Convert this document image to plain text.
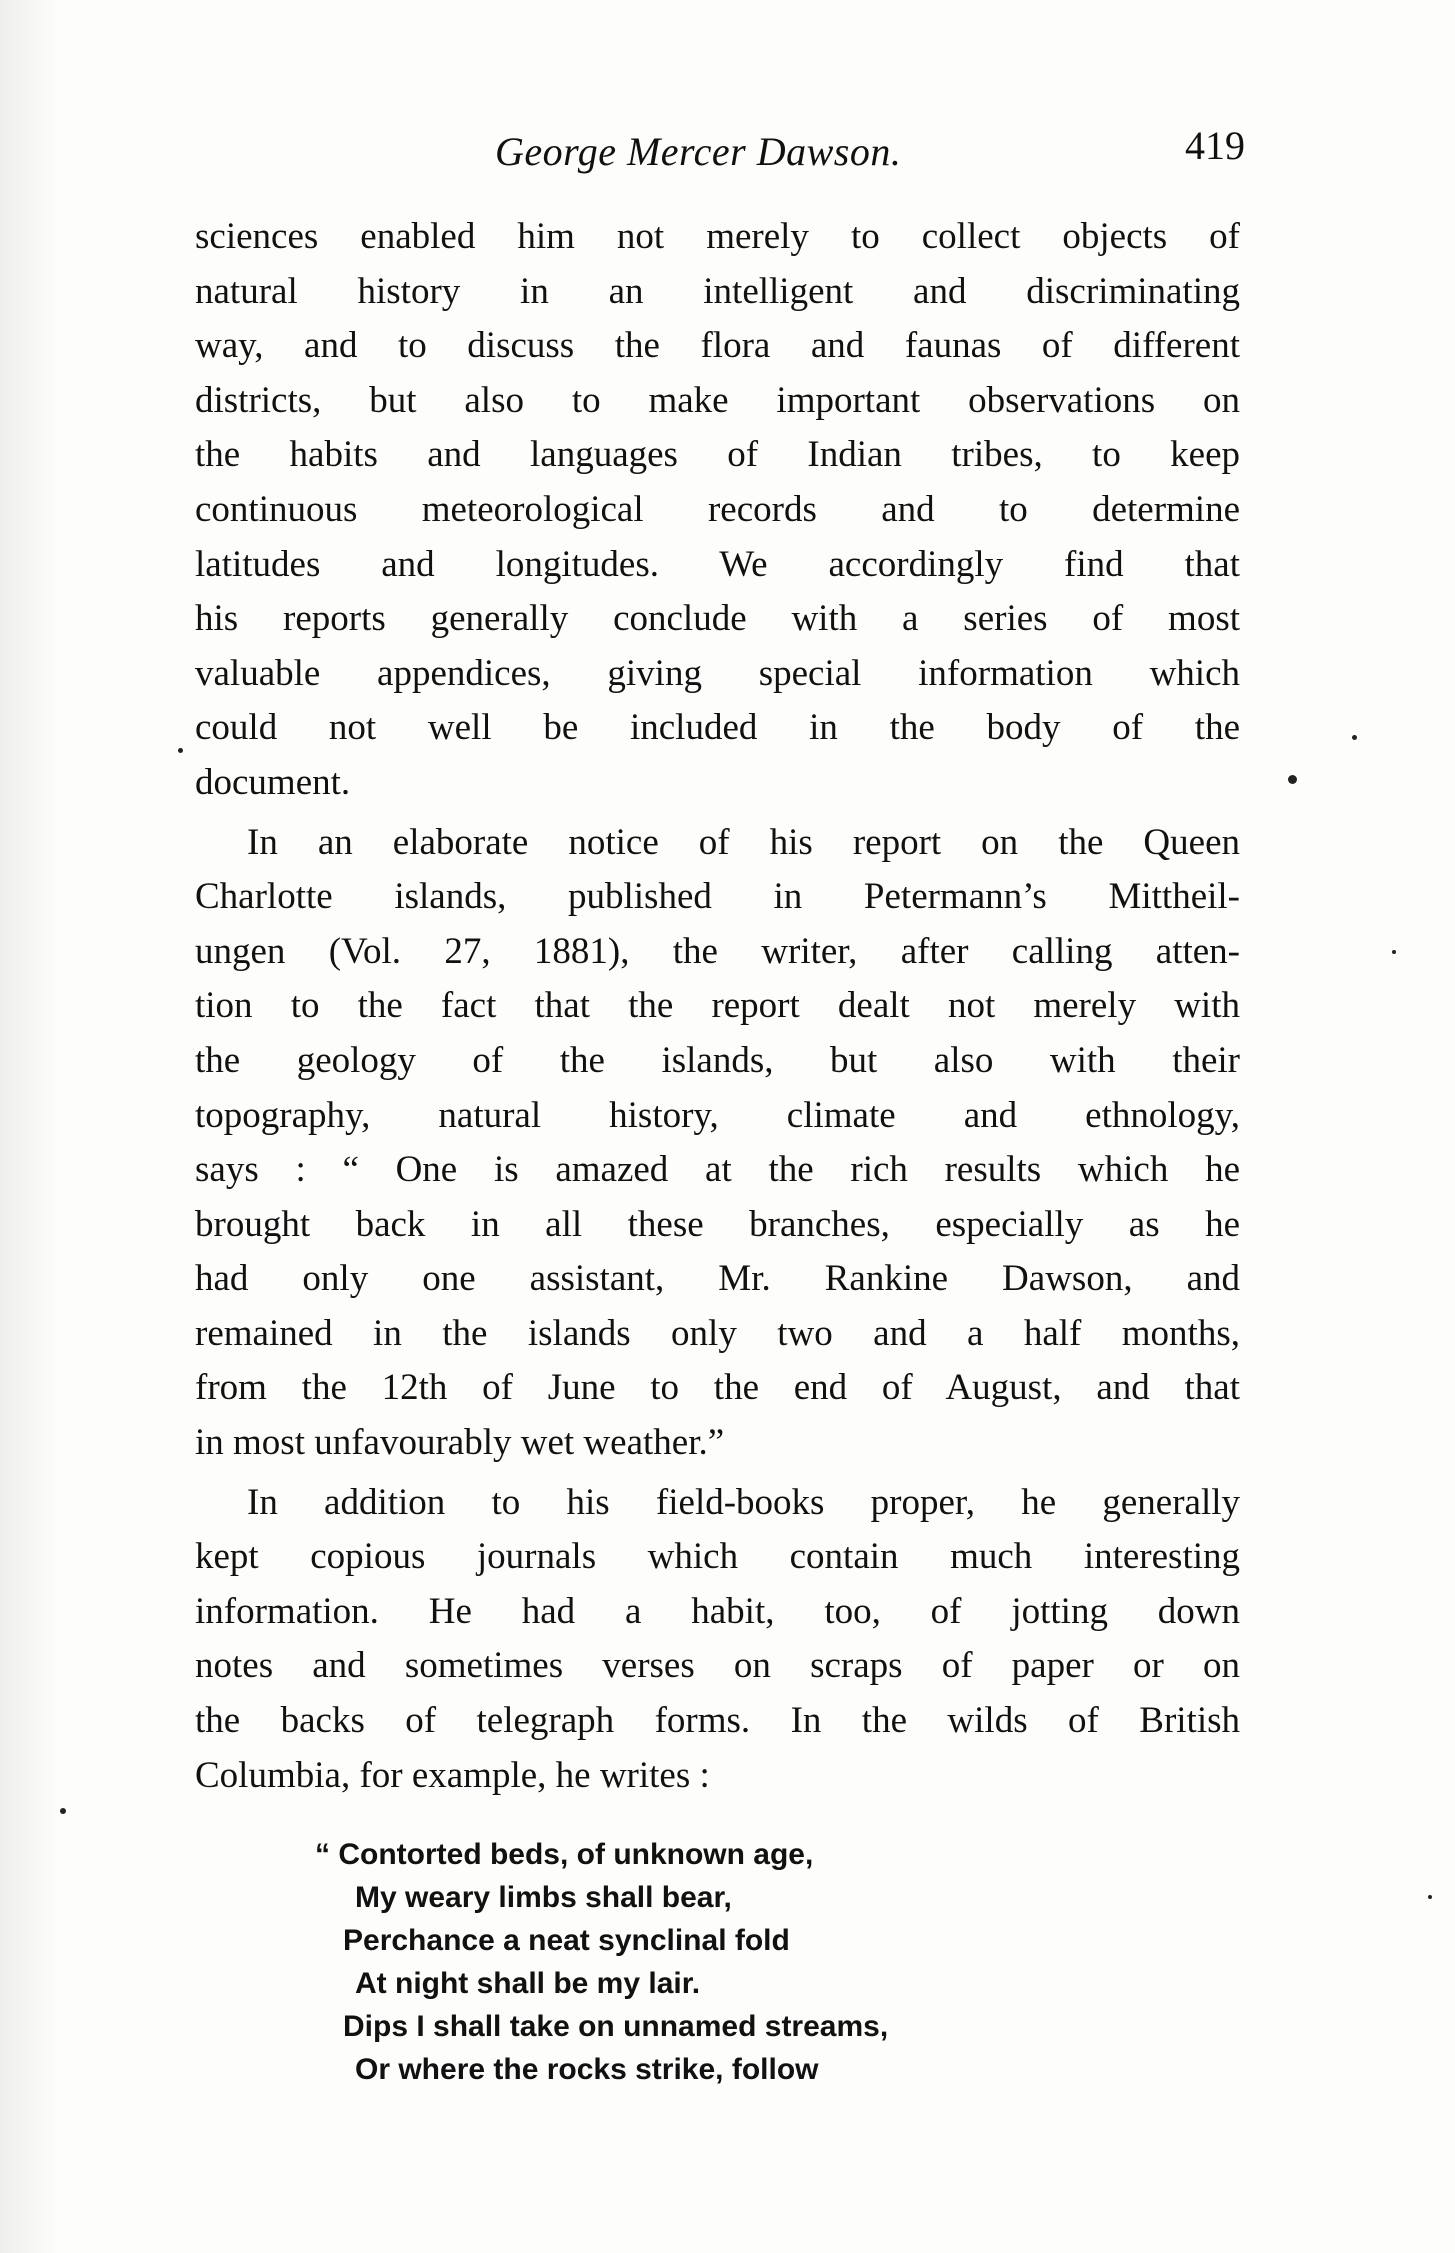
George Mercer Dawson.	419
sciences enabled him not merely to collect objects of
natural history in an intelligent and discriminating
way, and to discuss the flora and faunas of different
districts, but also to make important observations on
the habits and languages of Indian tribes, to keep
continuous meteorological records and to determine
latitudes and longitudes. We accordingly find that
his reports generally conclude with a series of most
valuable appendices, giving special information which
could not well be included in the body of the
document.
In an elaborate notice of his report on the Queen
Charlotte islands, published in Petermann’s Mittheil-
ungen (Vol. 27, 1881), the writer, after calling atten-
tion to the fact that the report dealt not merely with
the geology of the islands, but also with their
topography, natural history, climate and ethnology,
says : “ One is amazed at the rich results which he
brought back in all these branches, especially as he
had only one assistant, Mr. Rankine Dawson, and
remained in the islands only two and a half months,
from the 12th of June to the end of August, and that
in most unfavourably wet weather.”
In addition to his field-books proper, he generally
kept copious journals which contain much interesting
information. He had a habit, too, of jotting down
notes and sometimes verses on scraps of paper or on
the backs of telegraph forms. In the wilds of British
Columbia, for example, he writes :
“ Contorted beds, of unknown age,
My weary limbs shall bear,
Perchance a neat synclinal fold
At night shall be my lair.
Dips I shall take on unnamed streams,
Or where the rocks strike, follow
